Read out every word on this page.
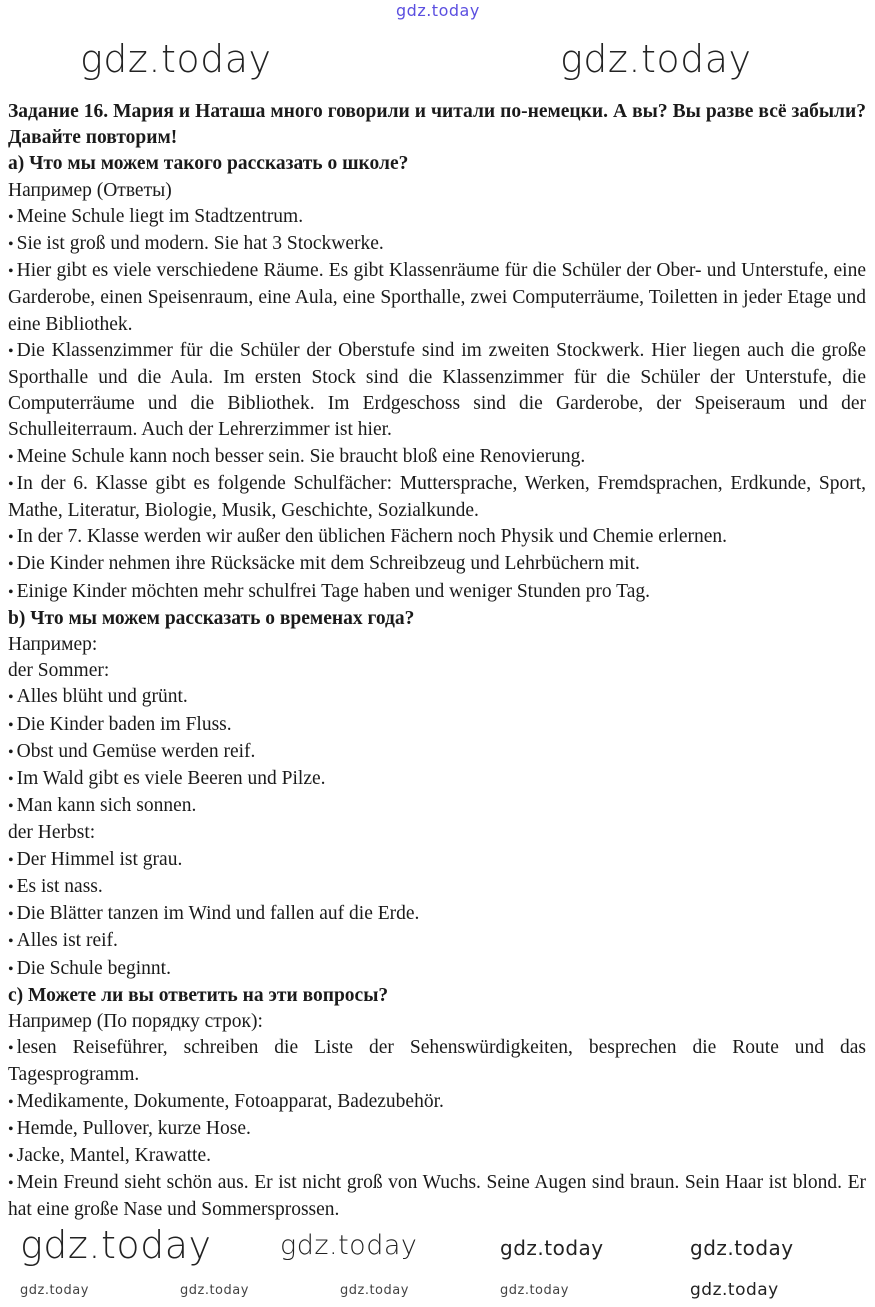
gdz.today
gdz.today	gdz.today

Задание 16. Мария и Наташа много говорили и читали по-немецки. А вы? Вы разве всё забыли? Давайте повторим!

а) Что мы можем такого рассказать о школе?

Например (Ответы)

• Meine Schule liegt im Stadtzentrum.

• Sie ist groß und modern. Sie hat 3 Stockwerke.

• Hier gibt es viele verschiedene Räume. Es gibt Klassenräume für die Schüler der Ober- und Unterstufe, eine Garderobe, einen Speisenraum, eine Aula, eine Sporthalle, zwei Computerräume, Toiletten in jeder Etage und eine Bibliothek.

• Die Klassenzimmer für die Schüler der Oberstufe sind im zweiten Stockwerk. Hier liegen auch die große Sporthalle und die Aula. Im ersten Stock sind die Klassenzimmer für die Schüler der Unterstufe, die Computerräume und die Bibliothek. Im Erdgeschoss sind die Garderobe, der Speiseraum und der Schulleiterraum. Auch der Lehrerzimmer ist hier.

• Meine Schule kann noch besser sein. Sie braucht bloß eine Renovierung.

• In der 6. Klasse gibt es folgende Schulfächer: Muttersprache, Werken, Fremdsprachen, Erdkunde, Sport, Mathe, Literatur, Biologie, Musik, Geschichte, Sozialkunde.

• In der 7. Klasse werden wir außer den üblichen Fächern noch Physik und Chemie erlernen.

• Die Kinder nehmen ihre Rücksäcke mit dem Schreibzeug und Lehrbüchern mit.

• Einige Kinder möchten mehr schulfrei Tage haben und weniger Stunden pro Tag.

b) Что мы можем рассказать о временах года?

Например:

der Sommer:

• Alles blüht und grünt.

• Die Kinder baden im Fluss.

• Obst und Gemüse werden reif.

• Im Wald gibt es viele Beeren und Pilze.

• Man kann sich sonnen.

der Herbst:

• Der Himmel ist grau.

• Es ist nass.

• Die Blätter tanzen im Wind und fallen auf die Erde.

• Alles ist reif.

• Die Schule beginnt.

c) Можете ли вы ответить на эти вопросы?

Например (По порядку строк):

• lesen Reiseführer, schreiben die Liste der Sehenswürdigkeiten, besprechen die Route und das Tagesprogramm.

• Medikamente, Dokumente, Fotoapparat, Badezubehör.

• Hemde, Pullover, kurze Hose.

• Jacke, Mantel, Krawatte.

• Mein Freund sieht schön aus. Er ist nicht groß von Wuchs. Seine Augen sind braun. Sein Haar ist blond. Er hat eine große Nase und Sommersprossen.

gdz.today	gdz.today	gdz.today	gdz.today
gdz.today	gdz.today	gdz.today	gdz.today	gdz.today
